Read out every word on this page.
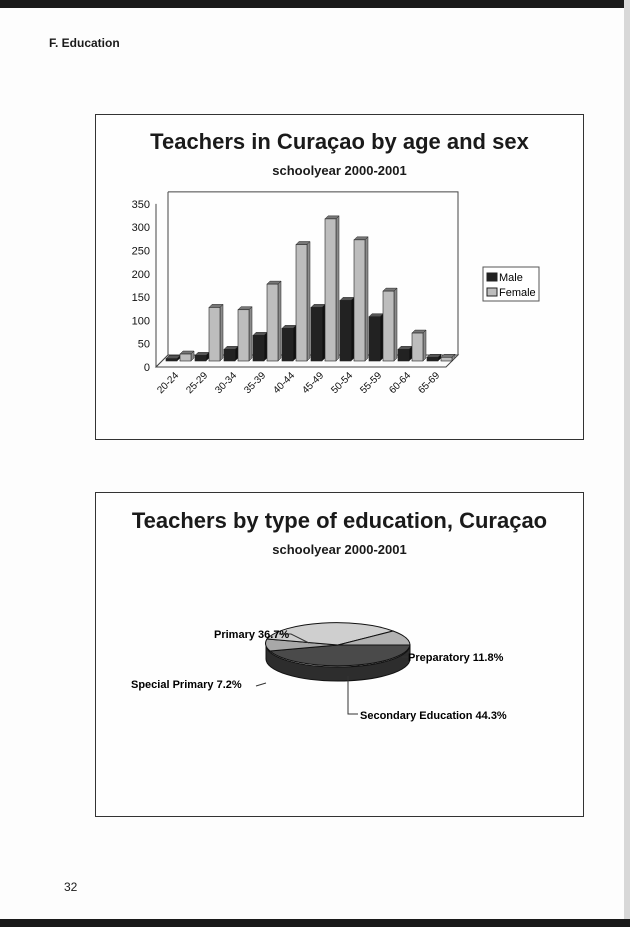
F. Education
Teachers in Curaçao by age and sex
schoolyear 2000-2001
0
50
100
150
200
250
300
350
20-24 25-29 30-34 35-39 40-44 45-49 50-54 55-59 60-64 65-69
Male
Female
Teachers by type of education, Curaçao
schoolyear 2000-2001
Primary 36.7%
Preparatory 11.8%
Special Primary 7.2%
Secondary Education 44.3%
32
